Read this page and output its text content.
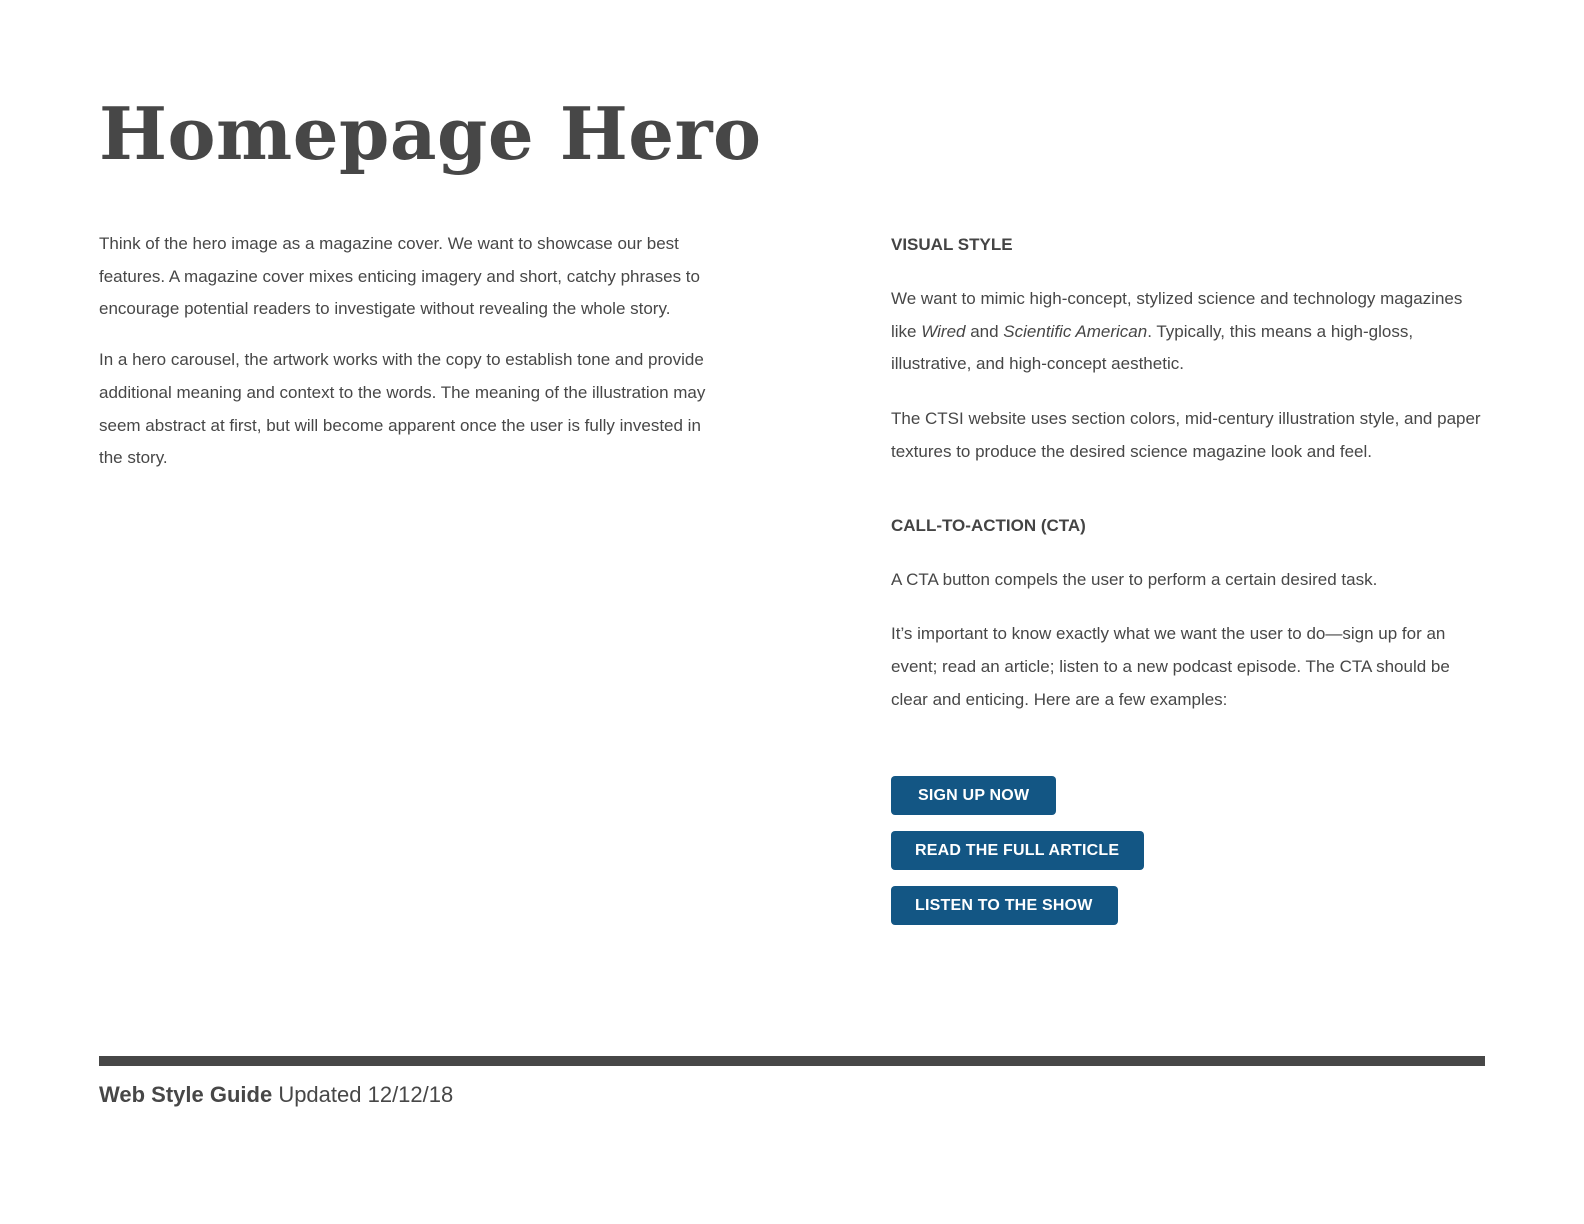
Homepage Hero

Think of the hero image as a magazine cover. We want to showcase our best features. A magazine cover mixes enticing imagery and short, catchy phrases to encourage potential readers to investigate without revealing the whole story.

In a hero carousel, the artwork works with the copy to establish tone and provide additional meaning and context to the words. The meaning of the illustration may seem abstract at first, but will become apparent once the user is fully invested in the story.

VISUAL STYLE

We want to mimic high-concept, stylized science and technology magazines like Wired and Scientific American. Typically, this means a high-gloss, illustrative, and high-concept aesthetic.

The CTSI website uses section colors, mid-century illustration style, and paper textures to produce the desired science magazine look and feel.

CALL-TO-ACTION (CTA)

A CTA button compels the user to perform a certain desired task.

It’s important to know exactly what we want the user to do—sign up for an event; read an article; listen to a new podcast episode. The CTA should be clear and enticing. Here are a few examples:

SIGN UP NOW
READ THE FULL ARTICLE
LISTEN TO THE SHOW
Web Style Guide Updated 12/12/18
